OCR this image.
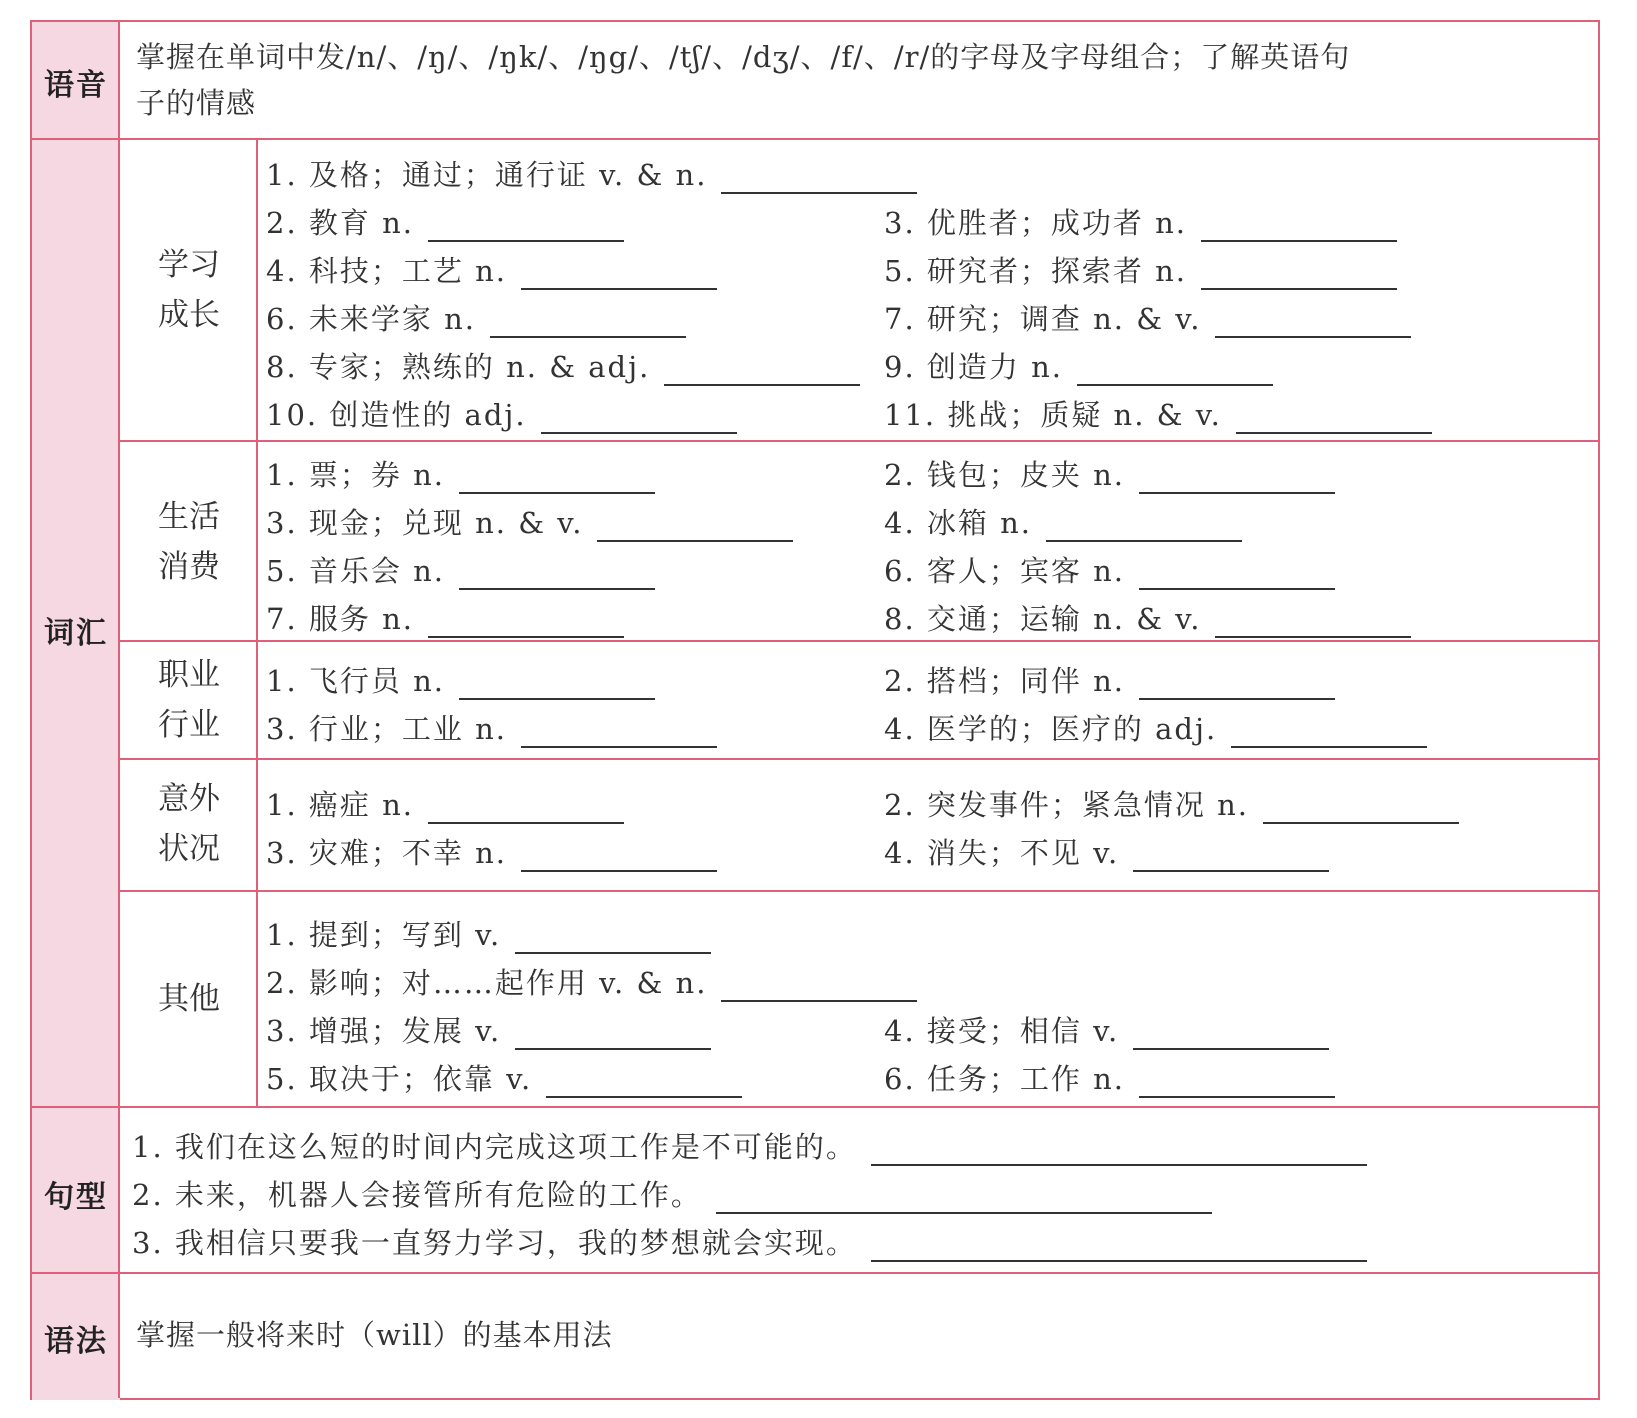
语音
掌握在单词中发/n/、/ŋ/、/ŋk/、/ŋg/、/tʃ/、/dʒ/、/f/、/r/的字母及字母组合；了解英语句
子的情感
词汇
学习
成长
1. 及格；通过；通行证 v. & n.
2. 教育 n.	3. 优胜者；成功者 n.
4. 科技；工艺 n.	5. 研究者；探索者 n.
6. 未来学家 n.	7. 研究；调查 n. & v.
8. 专家；熟练的 n. & adj.	9. 创造力 n.
10. 创造性的 adj.	11. 挑战；质疑 n. & v.
生活
消费
1. 票；券 n.	2. 钱包；皮夹 n.
3. 现金；兑现 n. & v.	4. 冰箱 n.
5. 音乐会 n.	6. 客人；宾客 n.
7. 服务 n.	8. 交通；运输 n. & v.
职业
行业
1. 飞行员 n.	2. 搭档；同伴 n.
3. 行业；工业 n.	4. 医学的；医疗的 adj.
意外
状况
1. 癌症 n.	2. 突发事件；紧急情况 n.
3. 灾难；不幸 n.	4. 消失；不见 v.
其他
1. 提到；写到 v.
2. 影响；对……起作用 v. & n.
3. 增强；发展 v.	4. 接受；相信 v.
5. 取决于；依靠 v.	6. 任务；工作 n.
句型
1. 我们在这么短的时间内完成这项工作是不可能的。
2. 未来，机器人会接管所有危险的工作。
3. 我相信只要我一直努力学习，我的梦想就会实现。
语法 掌握一般将来时（will）的基本用法
